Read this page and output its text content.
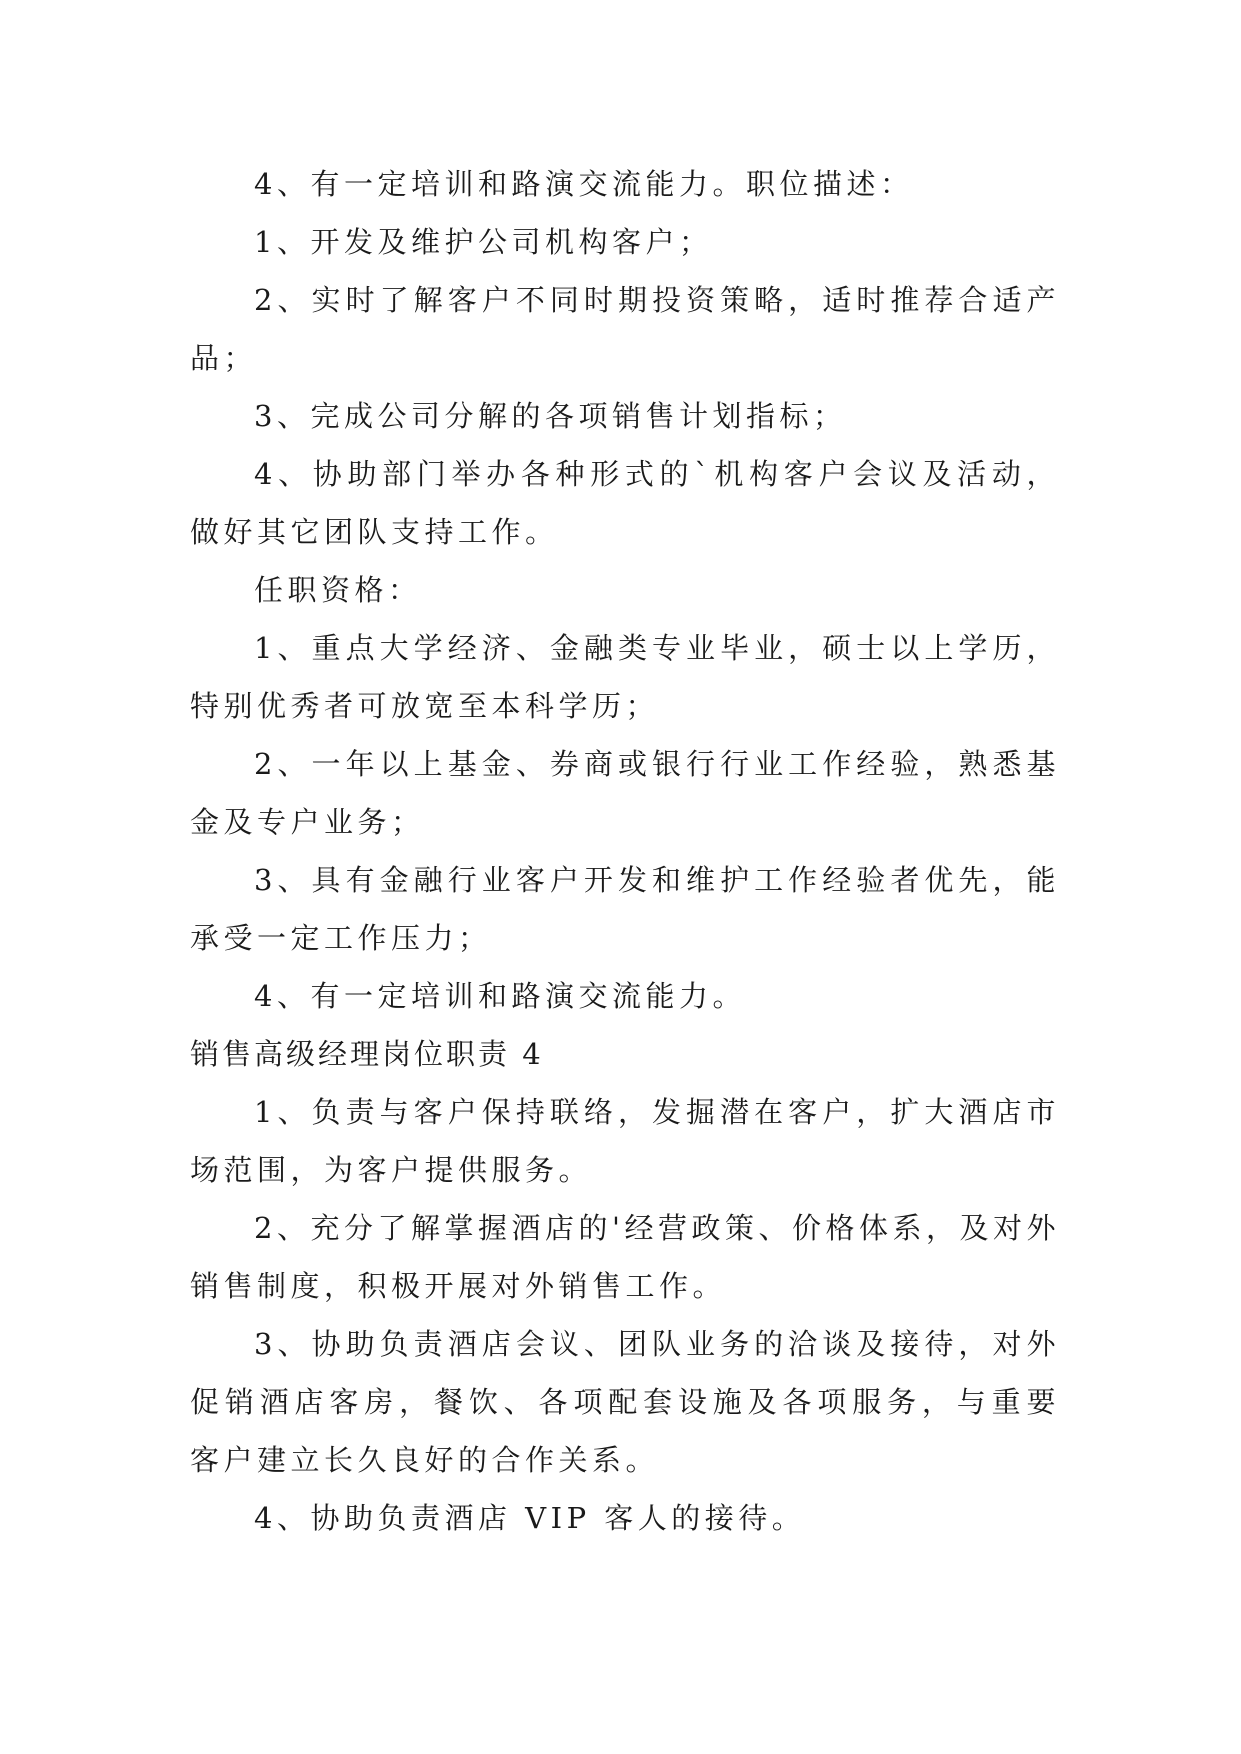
4、有一定培训和路演交流能力。职位描述：

1、开发及维护公司机构客户；

2、实时了解客户不同时期投资策略，适时推荐合适产品；

3、完成公司分解的各项销售计划指标；

4、协助部门举办各种形式的`机构客户会议及活动，做好其它团队支持工作。

任职资格：

1、重点大学经济、金融类专业毕业，硕士以上学历，特别优秀者可放宽至本科学历；

2、一年以上基金、券商或银行行业工作经验，熟悉基金及专户业务；

3、具有金融行业客户开发和维护工作经验者优先，能承受一定工作压力；

4、有一定培训和路演交流能力。

销售高级经理岗位职责 4

1、负责与客户保持联络，发掘潜在客户，扩大酒店市场范围，为客户提供服务。

2、充分了解掌握酒店的'经营政策、价格体系，及对外销售制度，积极开展对外销售工作。

3、协助负责酒店会议、团队业务的洽谈及接待，对外促销酒店客房，餐饮、各项配套设施及各项服务，与重要客户建立长久良好的合作关系。

4、协助负责酒店 VIP 客人的接待。
